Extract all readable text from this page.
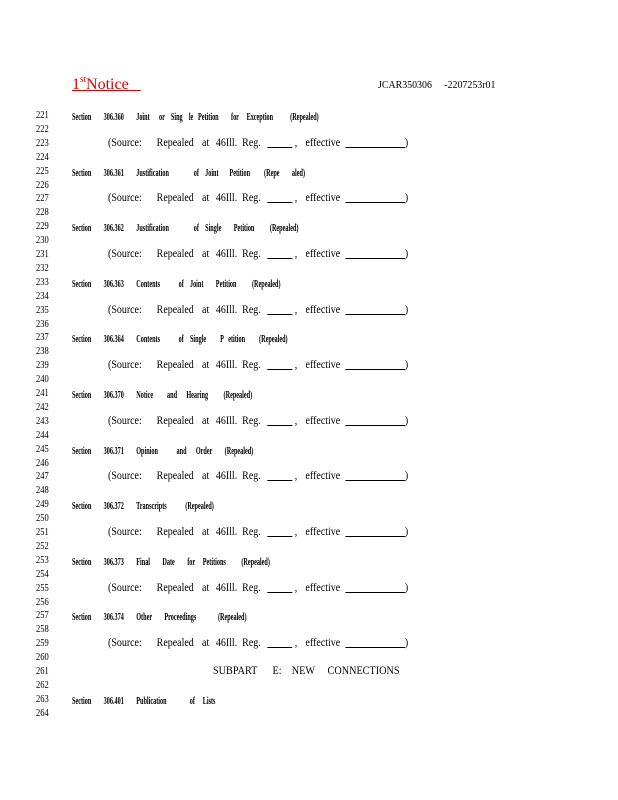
1stNotice	JCAR350306     -2207253r01
221	Section        306.360        Joint      or    Sing    le   Petition        for     Exception           (Repealed)
222
223	(Source: Repealed at 46Ill. Reg.	, effective	)
224
225	Section        306.361        Justification                of    Joint       Petition         (Repe        aled)
226
227	(Source: Repealed at 46Ill. Reg.	, effective	)
228
229	Section        306.362        Justification                of    Single        Petition          (Repealed)
230
231	(Source: Repealed at 46Ill. Reg.	, effective	)
232
233	Section        306.363        Contents            of    Joint        Petition          (Repealed)
234
235	(Source: Repealed at 46Ill. Reg.	, effective	)
236
237	Section        306.364        Contents            of    Single         P   etition         (Repealed)
238
239	(Source: Repealed at 46Ill. Reg.	, effective	)
240
241	Section        306.370        Notice         and      Hearing          (Repealed)
242
243	(Source: Repealed at 46Ill. Reg.	, effective	)
244
245	Section        306.371        Opinion            and      Order        (Repealed)
246
247	(Source: Repealed at 46Ill. Reg.	, effective	)
248
249	Section        306.372        Transcripts            (Repealed)
250
251	(Source: Repealed at 46Ill. Reg.	, effective	)
252
253	Section        306.373        Final        Date        for     Petitions          (Repealed)
254
255	(Source: Repealed at 46Ill. Reg.	, effective	)
256
257	Section        306.374        Other        Proceedings              (Repealed)
258
259	(Source: Repealed at 46Ill. Reg.	, effective	)
260
261	SUBPART      E:    NEW     CONNECTIONS
262
263	Section        306.401        Publication               of     Lists
264
